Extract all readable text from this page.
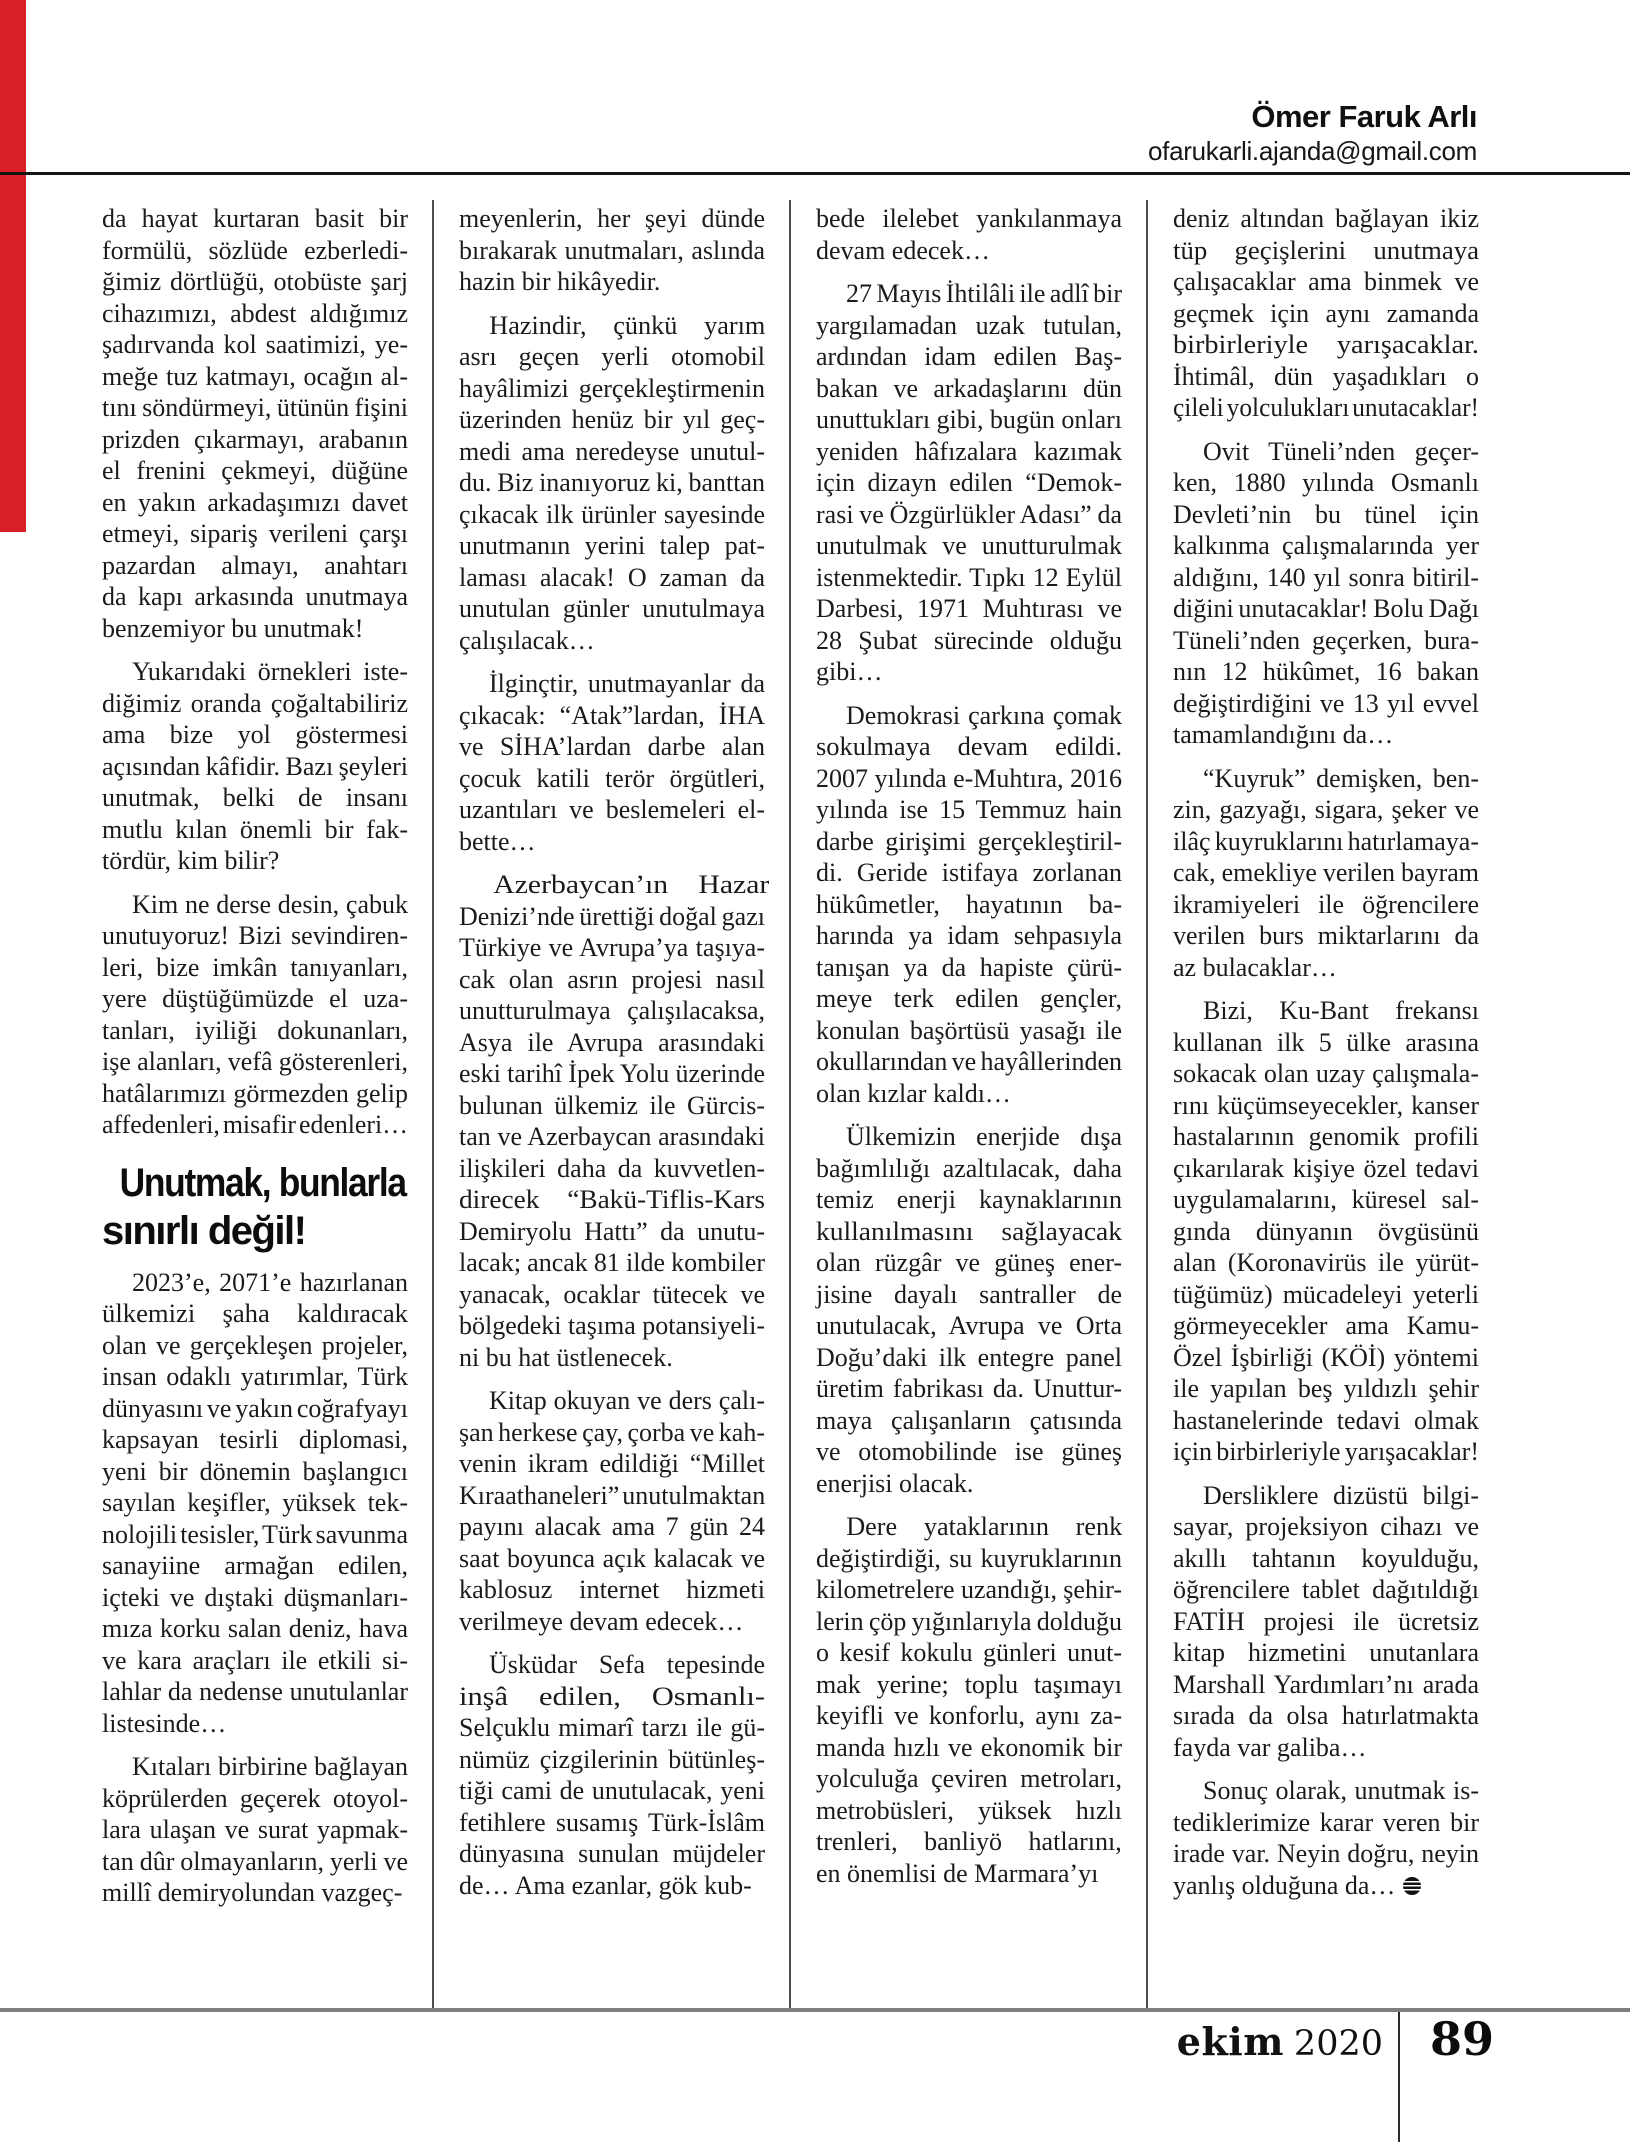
Ömer Faruk Arlı
ofarukarli.ajanda@gmail.com
da hayat kurtaran basit bir
formülü, sözlüde ezberledi-
ğimiz dörtlüğü, otobüste şarj
cihazımızı, abdest aldığımız
şadırvanda kol saatimizi, ye-
meğe tuz katmayı, ocağın al-
tını söndürmeyi, ütünün fişini
prizden çıkarmayı, arabanın
el frenini çekmeyi, düğüne
en yakın arkadaşımızı davet
etmeyi, sipariş verileni çarşı
pazardan almayı, anahtarı
da kapı arkasında unutmaya
benzemiyor bu unutmak!
Yukarıdaki örnekleri iste-
diğimiz oranda çoğaltabiliriz
ama bize yol göstermesi
açısından kâfidir. Bazı şeyleri
unutmak, belki de insanı
mutlu kılan önemli bir fak-
tördür, kim bilir?
Kim ne derse desin, çabuk
unutuyoruz! Bizi sevindiren-
leri, bize imkân tanıyanları,
yere düştüğümüzde el uza-
tanları, iyiliği dokunanları,
işe alanları, vefâ gösterenleri,
hatâlarımızı görmezden gelip
affedenleri, misafir edenleri…
Unutmak, bunlarla
sınırlı değil!
2023’e, 2071’e hazırlanan
ülkemizi şaha kaldıracak
olan ve gerçekleşen projeler,
insan odaklı yatırımlar, Türk
dünyasını ve yakın coğrafyayı
kapsayan tesirli diplomasi,
yeni bir dönemin başlangıcı
sayılan keşifler, yüksek tek-
nolojili tesisler, Türk savunma
sanayiine armağan edilen,
içteki ve dıştaki düşmanları-
mıza korku salan deniz, hava
ve kara araçları ile etkili si-
lahlar da nedense unutulanlar
listesinde…
Kıtaları birbirine bağlayan
köprülerden geçerek otoyol-
lara ulaşan ve surat yapmak-
tan dûr olmayanların, yerli ve
millî demiryolundan vazgeç-
meyenlerin, her şeyi dünde
bırakarak unutmaları, aslında
hazin bir hikâyedir.
Hazindir, çünkü yarım
asrı geçen yerli otomobil
hayâlimizi gerçekleştirmenin
üzerinden henüz bir yıl geç-
medi ama neredeyse unutul-
du. Biz inanıyoruz ki, banttan
çıkacak ilk ürünler sayesinde
unutmanın yerini talep pat-
laması alacak! O zaman da
unutulan günler unutulmaya
çalışılacak…
İlginçtir, unutmayanlar da
çıkacak: “Atak”lardan, İHA
ve SİHA’lardan darbe alan
çocuk katili terör örgütleri,
uzantıları ve beslemeleri el-
bette…
Azerbaycan’ın Hazar
Denizi’nde ürettiği doğal gazı
Türkiye ve Avrupa’ya taşıya-
cak olan asrın projesi nasıl
unutturulmaya çalışılacaksa,
Asya ile Avrupa arasındaki
eski tarihî İpek Yolu üzerinde
bulunan ülkemiz ile Gürcis-
tan ve Azerbaycan arasındaki
ilişkileri daha da kuvvetlen-
direcek “Bakü-Tiflis-Kars
Demiryolu Hattı” da unutu-
lacak; ancak 81 ilde kombiler
yanacak, ocaklar tütecek ve
bölgedeki taşıma potansiyeli-
ni bu hat üstlenecek.
Kitap okuyan ve ders çalı-
şan herkese çay, çorba ve kah-
venin ikram edildiği “Millet
Kıraathaneleri” unutulmaktan
payını alacak ama 7 gün 24
saat boyunca açık kalacak ve
kablosuz internet hizmeti
verilmeye devam edecek…
Üsküdar Sefa tepesinde
inşâ edilen, Osmanlı-
Selçuklu mimarî tarzı ile gü-
nümüz çizgilerinin bütünleş-
tiği cami de unutulacak, yeni
fetihlere susamış Türk-İslâm
dünyasına sunulan müjdeler
de… Ama ezanlar, gök kub-
bede ilelebet yankılanmaya
devam edecek…
27 Mayıs İhtilâli ile adlî bir
yargılamadan uzak tutulan,
ardından idam edilen Baş-
bakan ve arkadaşlarını dün
unuttukları gibi, bugün onları
yeniden hâfızalara kazımak
için dizayn edilen “Demok-
rasi ve Özgürlükler Adası” da
unutulmak ve unutturulmak
istenmektedir. Tıpkı 12 Eylül
Darbesi, 1971 Muhtırası ve
28 Şubat sürecinde olduğu
gibi…
Demokrasi çarkına çomak
sokulmaya devam edildi.
2007 yılında e-Muhtıra, 2016
yılında ise 15 Temmuz hain
darbe girişimi gerçekleştiril-
di. Geride istifaya zorlanan
hükûmetler, hayatının ba-
harında ya idam sehpasıyla
tanışan ya da hapiste çürü-
meye terk edilen gençler,
konulan başörtüsü yasağı ile
okullarından ve hayâllerinden
olan kızlar kaldı…
Ülkemizin enerjide dışa
bağımlılığı azaltılacak, daha
temiz enerji kaynaklarının
kullanılmasını sağlayacak
olan rüzgâr ve güneş ener-
jisine dayalı santraller de
unutulacak, Avrupa ve Orta
Doğu’daki ilk entegre panel
üretim fabrikası da. Unuttur-
maya çalışanların çatısında
ve otomobilinde ise güneş
enerjisi olacak.
Dere yataklarının renk
değiştirdiği, su kuyruklarının
kilometrelere uzandığı, şehir-
lerin çöp yığınlarıyla dolduğu
o kesif kokulu günleri unut-
mak yerine; toplu taşımayı
keyifli ve konforlu, aynı za-
manda hızlı ve ekonomik bir
yolculuğa çeviren metroları,
metrobüsleri, yüksek hızlı
trenleri, banliyö hatlarını,
en önemlisi de Marmara’yı
deniz altından bağlayan ikiz
tüp geçişlerini unutmaya
çalışacaklar ama binmek ve
geçmek için aynı zamanda
birbirleriyle yarışacaklar.
İhtimâl, dün yaşadıkları o
çileli yolculukları unutacaklar!
Ovit Tüneli’nden geçer-
ken, 1880 yılında Osmanlı
Devleti’nin bu tünel için
kalkınma çalışmalarında yer
aldığını, 140 yıl sonra bitiril-
diğini unutacaklar! Bolu Dağı
Tüneli’nden geçerken, bura-
nın 12 hükûmet, 16 bakan
değiştirdiğini ve 13 yıl evvel
tamamlandığını da…
“Kuyruk” demişken, ben-
zin, gazyağı, sigara, şeker ve
ilâç kuyruklarını hatırlamaya-
cak, emekliye verilen bayram
ikramiyeleri ile öğrencilere
verilen burs miktarlarını da
az bulacaklar…
Bizi, Ku-Bant frekansı
kullanan ilk 5 ülke arasına
sokacak olan uzay çalışmala-
rını küçümseyecekler, kanser
hastalarının genomik profili
çıkarılarak kişiye özel tedavi
uygulamalarını, küresel sal-
gında dünyanın övgüsünü
alan (Koronavirüs ile yürüt-
tüğümüz) mücadeleyi yeterli
görmeyecekler ama Kamu-
Özel İşbirliği (KÖİ) yöntemi
ile yapılan beş yıldızlı şehir
hastanelerinde tedavi olmak
için birbirleriyle yarışacaklar!
Dersliklere dizüstü bilgi-
sayar, projeksiyon cihazı ve
akıllı tahtanın koyulduğu,
öğrencilere tablet dağıtıldığı
FATİH projesi ile ücretsiz
kitap hizmetini unutanlara
Marshall Yardımları’nı arada
sırada da olsa hatırlatmakta
fayda var galiba…
Sonuç olarak, unutmak is-
tediklerimize karar veren bir
irade var. Neyin doğru, neyin
yanlış olduğuna da…
ekim 2020 89
